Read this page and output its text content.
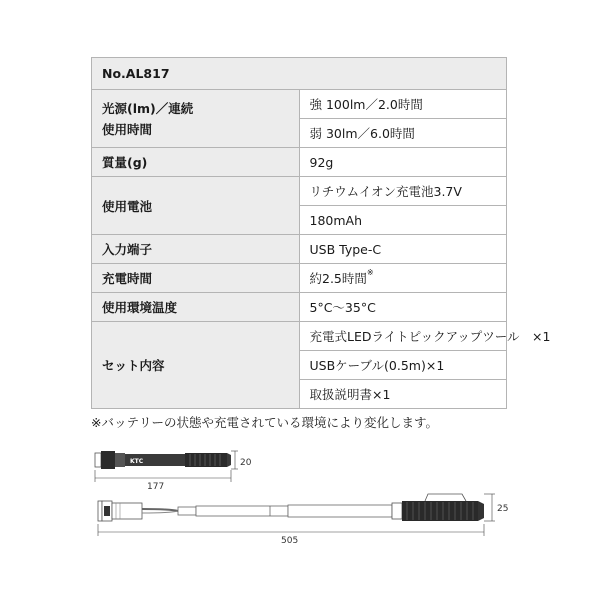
No.AL817	
光源(lm)／連続
使用時間	強 100lm／2.0時間
	弱 30lm／6.0時間
質量(g)	92g
使用電池	リチウムイオン充電池3.7V
	180mAh
入力端子	USB Type-C
充電時間	約2.5時間※
使用環境温度	5°C〜35°C
セット内容	充電式LEDライトピックアップツール　×1
	USBケーブル(0.5m)×1
	取扱説明書×1
※バッテリーの状態や充電されている環境により変化します。
KTC
177
20
505
25
